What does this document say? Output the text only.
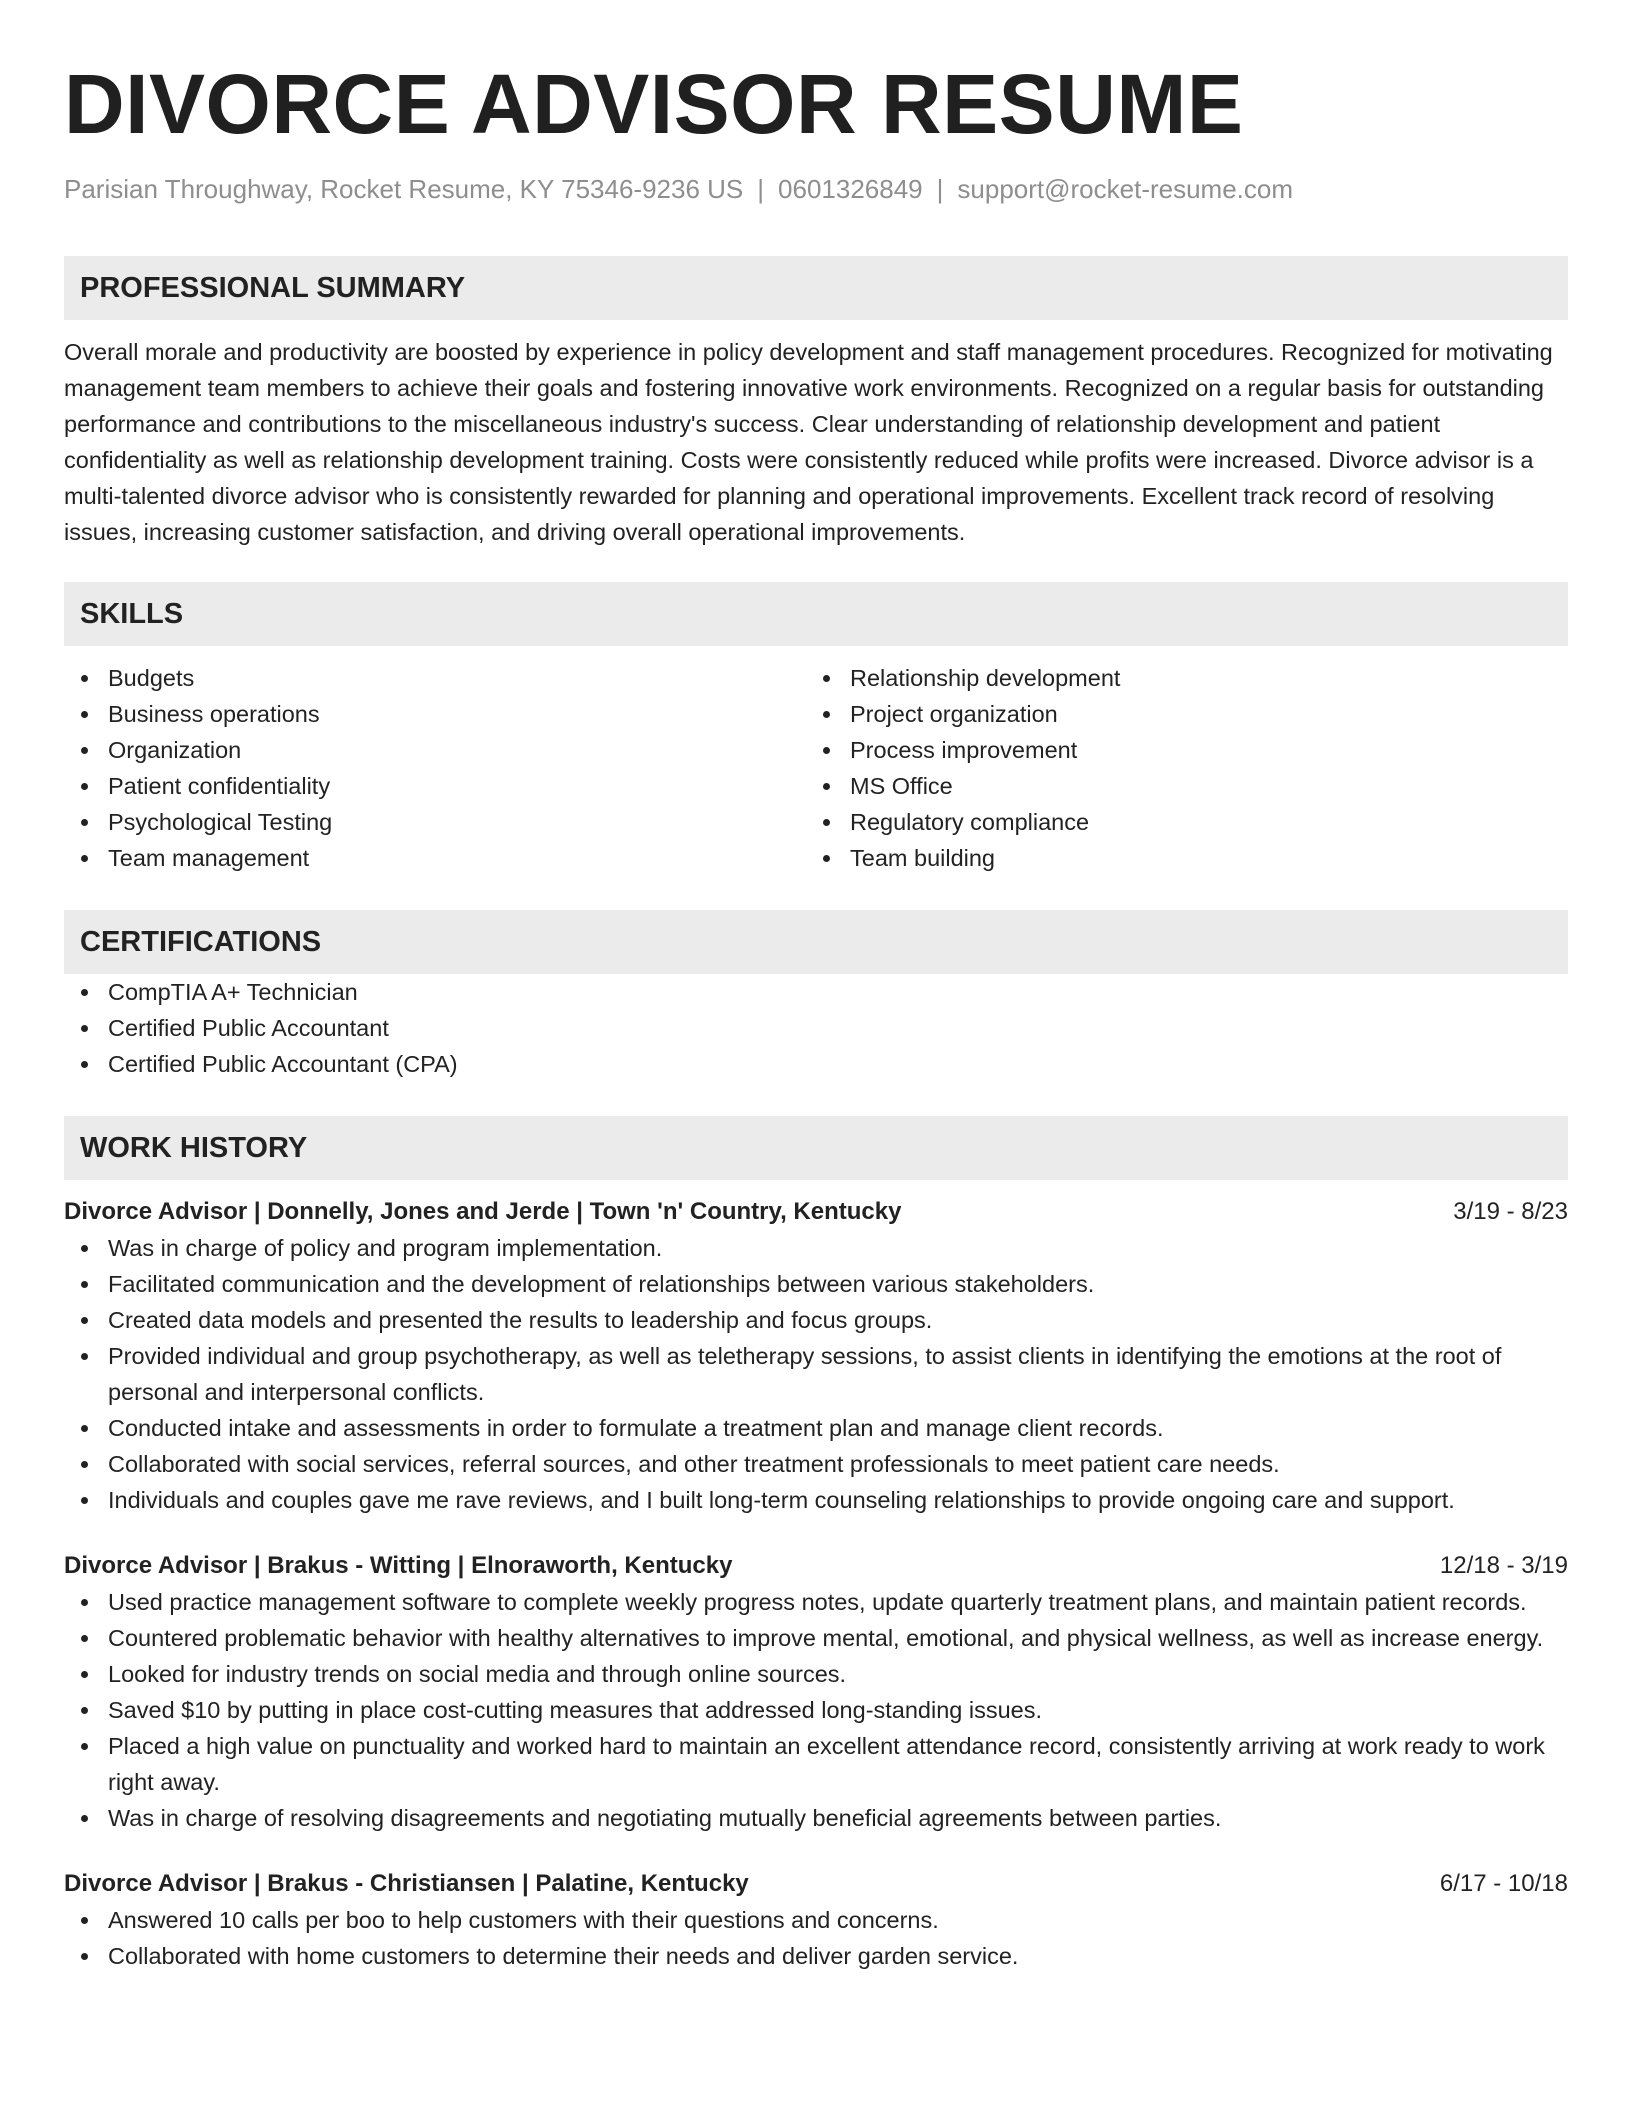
DIVORCE ADVISOR RESUME
Parisian Throughway, Rocket Resume, KY 75346-9236 US | 0601326849 | support@rocket-resume.com
PROFESSIONAL SUMMARY
Overall morale and productivity are boosted by experience in policy development and staff management procedures. Recognized for motivating management team members to achieve their goals and fostering innovative work environments. Recognized on a regular basis for outstanding performance and contributions to the miscellaneous industry's success. Clear understanding of relationship development and patient confidentiality as well as relationship development training. Costs were consistently reduced while profits were increased. Divorce advisor is a multi-talented divorce advisor who is consistently rewarded for planning and operational improvements. Excellent track record of resolving issues, increasing customer satisfaction, and driving overall operational improvements.
SKILLS
Budgets
Business operations
Organization
Patient confidentiality
Psychological Testing
Team management
Relationship development
Project organization
Process improvement
MS Office
Regulatory compliance
Team building
CERTIFICATIONS
CompTIA A+ Technician
Certified Public Accountant
Certified Public Accountant (CPA)
WORK HISTORY
Divorce Advisor | Donnelly, Jones and Jerde | Town 'n' Country, Kentucky	3/19 - 8/23
Was in charge of policy and program implementation.
Facilitated communication and the development of relationships between various stakeholders.
Created data models and presented the results to leadership and focus groups.
Provided individual and group psychotherapy, as well as teletherapy sessions, to assist clients in identifying the emotions at the root of personal and interpersonal conflicts.
Conducted intake and assessments in order to formulate a treatment plan and manage client records.
Collaborated with social services, referral sources, and other treatment professionals to meet patient care needs.
Individuals and couples gave me rave reviews, and I built long-term counseling relationships to provide ongoing care and support.
Divorce Advisor | Brakus - Witting | Elnoraworth, Kentucky	12/18 - 3/19
Used practice management software to complete weekly progress notes, update quarterly treatment plans, and maintain patient records.
Countered problematic behavior with healthy alternatives to improve mental, emotional, and physical wellness, as well as increase energy.
Looked for industry trends on social media and through online sources.
Saved $10 by putting in place cost-cutting measures that addressed long-standing issues.
Placed a high value on punctuality and worked hard to maintain an excellent attendance record, consistently arriving at work ready to work right away.
Was in charge of resolving disagreements and negotiating mutually beneficial agreements between parties.
Divorce Advisor | Brakus - Christiansen | Palatine, Kentucky	6/17 - 10/18
Answered 10 calls per boo to help customers with their questions and concerns.
Collaborated with home customers to determine their needs and deliver garden service.
